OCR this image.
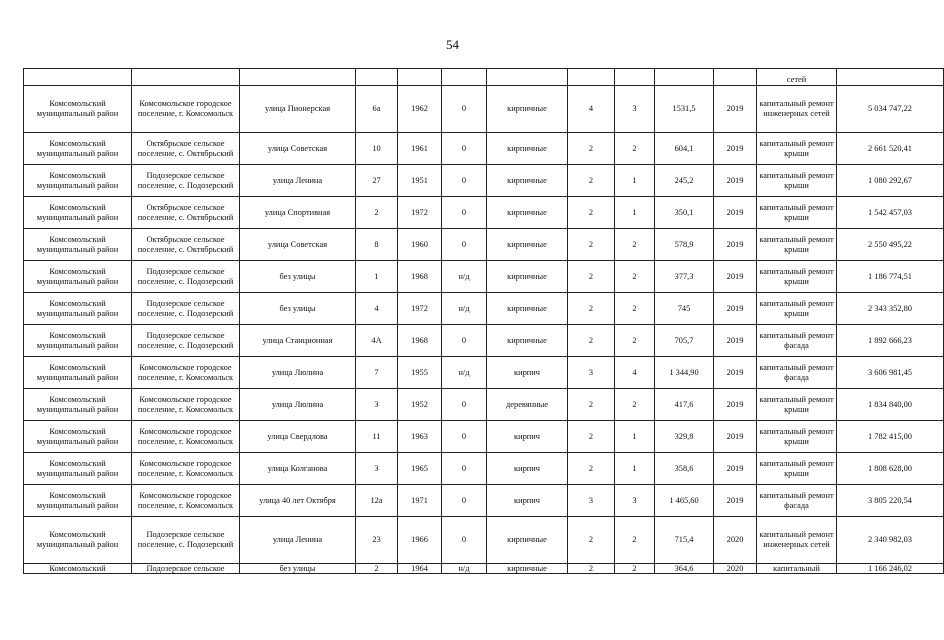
54
											сетей	
Комсомольский муниципальный район	Комсомольское городское поселение, г. Комсомольск	улица Пионерская	6а	1962	0	кирпичные	4	3	1531,5	2019	капитальный ремонт инженерных сетей	5 034 747,22
Комсомольский муниципальный район	Октябрьское сельское поселение, с. Октябрьский	улица Советская	10	1961	0	кирпичные	2	2	604,1	2019	капитальный ремонт крыши	2 661 520,41
Комсомольский муниципальный район	Подозерское сельское поселение, с. Подозерский	улица Ленина	27	1951	0	кирпичные	2	1	245,2	2019	капитальный ремонт крыши	1 080 292,67
Комсомольский муниципальный район	Октябрьское сельское поселение, с. Октябрьский	улица Спортивная	2	1972	0	кирпичные	2	1	350,1	2019	капитальный ремонт крыши	1 542 457,03
Комсомольский муниципальный район	Октябрьское сельское поселение, с. Октябрьский	улица Советская	8	1960	0	кирпичные	2	2	578,9	2019	капитальный ремонт крыши	2 550 495,22
Комсомольский муниципальный район	Подозерское сельское поселение, с. Подозерский	без улицы	1	1968	н/д	кирпичные	2	2	377,3	2019	капитальный ремонт крыши	1 186 774,51
Комсомольский муниципальный район	Подозерское сельское поселение, с. Подозерский	без улицы	4	1972	н/д	кирпичные	2	2	745	2019	капитальный ремонт крыши	2 343 352,80
Комсомольский муниципальный район	Подозерское сельское поселение, с. Подозерский	улица Станционная	4А	1968	0	кирпичные	2	2	705,7	2019	капитальный ремонт фасада	1 892 666,23
Комсомольский муниципальный район	Комсомольское городское поселение, г. Комсомольск	улица Люлина	7	1955	н/д	кирпич	3	4	1 344,90	2019	капитальный ремонт фасада	3 606 981,45
Комсомольский муниципальный район	Комсомольское городское поселение, г. Комсомольск	улица Люлина	3	1952	0	деревянные	2	2	417,6	2019	капитальный ремонт крыши	1 834 840,00
Комсомольский муниципальный район	Комсомольское городское поселение, г. Комсомольск	улица Свердлова	11	1963	0	кирпич	2	1	329,8	2019	капитальный ремонт крыши	1 782 415,00
Комсомольский муниципальный район	Комсомольское городское поселение, г. Комсомольск	улица Колганова	3	1965	0	кирпич	2	1	358,6	2019	капитальный ремонт крыши	1 808 628,00
Комсомольский муниципальный район	Комсомольское городское поселение, г. Комсомольск	улица 40 лет Октября	12а	1971	0	кирпич	3	3	1 465,60	2019	капитальный ремонт фасада	3 805 220,54
Комсомольский муниципальный район	Подозерское сельское поселение, с. Подозерский	улица Ленина	23	1966	0	кирпичные	2	2	715,4	2020	капитальный ремонт инженерных сетей	2 340 982,03
Комсомольский	Подозерское сельское	без улицы	2	1964	н/д	кирпичные	2	2	364,6	2020	капитальный	1 166 246,02
